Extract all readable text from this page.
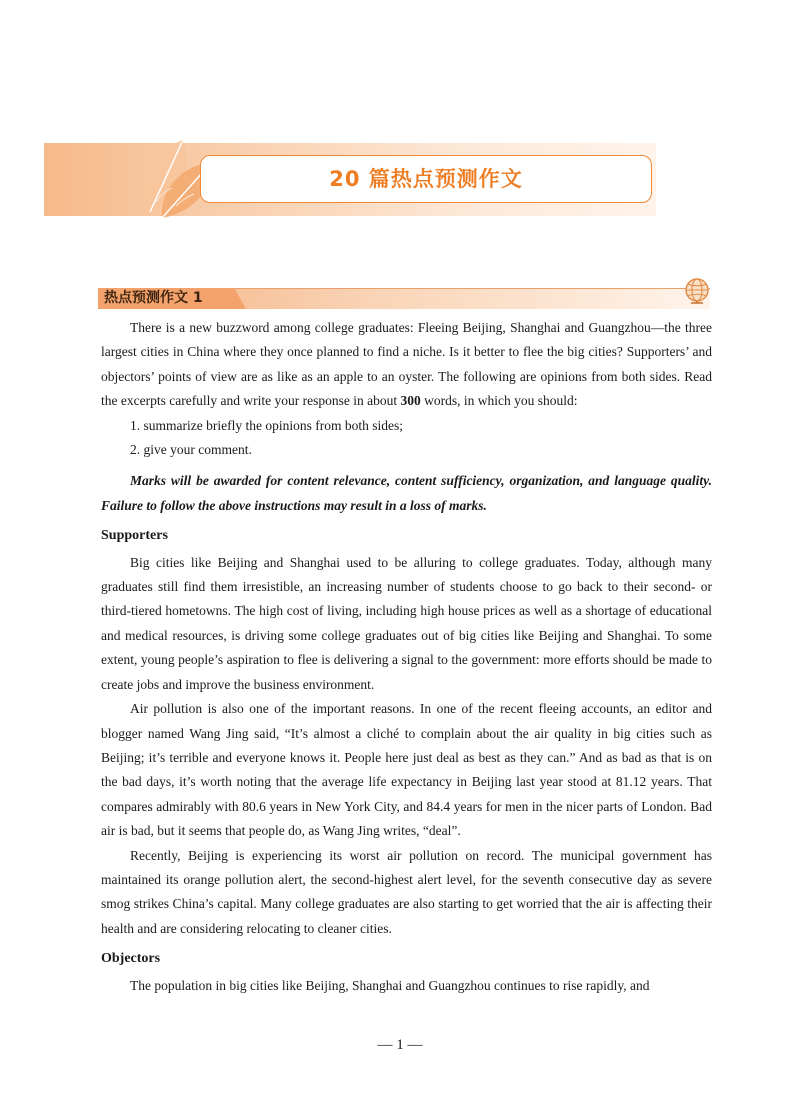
20 篇热点预测作文
热点预测作文 1

There is a new buzzword among college graduates: Fleeing Beijing, Shanghai and Guangzhou—the three largest cities in China where they once planned to find a niche. Is it better to flee the big cities? Supporters’ and objectors’ points of view are as like as an apple to an oyster. The following are opinions from both sides. Read the excerpts carefully and write your response in about 300 words, in which you should:

1. summarize briefly the opinions from both sides;

2. give your comment.

Marks will be awarded for content relevance, content sufficiency, organization, and language quality. Failure to follow the above instructions may result in a loss of marks.

Supporters

Big cities like Beijing and Shanghai used to be alluring to college graduates. Today, although many graduates still find them irresistible, an increasing number of students choose to go back to their second- or third-tiered hometowns. The high cost of living, including high house prices as well as a shortage of educational and medical resources, is driving some college graduates out of big cities like Beijing and Shanghai. To some extent, young people’s aspiration to flee is delivering a signal to the government: more efforts should be made to create jobs and improve the business environment.

Air pollution is also one of the important reasons. In one of the recent fleeing accounts, an editor and blogger named Wang Jing said, “It’s almost a cliché to complain about the air quality in big cities such as Beijing; it’s terrible and everyone knows it. People here just deal as best as they can.” And as bad as that is on the bad days, it’s worth noting that the average life expectancy in Beijing last year stood at 81.12 years. That compares admirably with 80.6 years in New York City, and 84.4 years for men in the nicer parts of London. Bad air is bad, but it seems that people do, as Wang Jing writes, “deal”.

Recently, Beijing is experiencing its worst air pollution on record. The municipal government has maintained its orange pollution alert, the second-highest alert level, for the seventh consecutive day as severe smog strikes China’s capital. Many college graduates are also starting to get worried that the air is affecting their health and are considering relocating to cleaner cities.

Objectors

The population in big cities like Beijing, Shanghai and Guangzhou continues to rise rapidly, and

— 1 —
